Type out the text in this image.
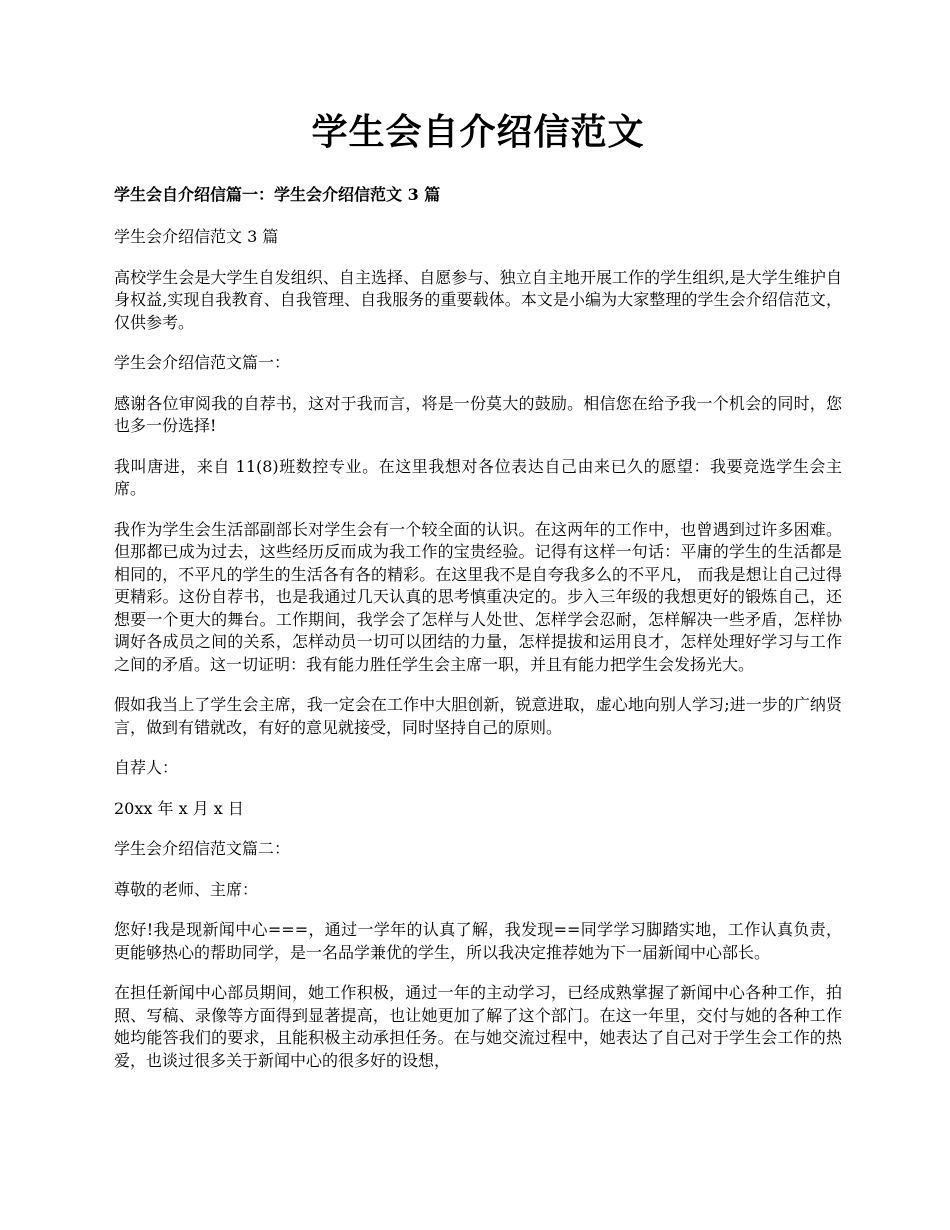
学生会自介绍信范文

学生会自介绍信篇一：学生会介绍信范文 3 篇

学生会介绍信范文 3 篇

高校学生会是大学生自发组织、自主选择、自愿参与、独立自主地开展工作的学生组织,是大学生维护自身权益,实现自我教育、自我管理、自我服务的重要载体。本文是小编为大家整理的学生会介绍信范文，仅供参考。

学生会介绍信范文篇一：

感谢各位审阅我的自荐书，这对于我而言，将是一份莫大的鼓励。相信您在给予我一个机会的同时，您也多一份选择!

我叫唐进，来自 11(8)班数控专业。在这里我想对各位表达自己由来已久的愿望：我要竞选学生会主席。

我作为学生会生活部副部长对学生会有一个较全面的认识。在这两年的工作中，也曾遇到过许多困难。但那都已成为过去，这些经历反而成为我工作的宝贵经验。记得有这样一句话：平庸的学生的生活都是相同的，不平凡的学生的生活各有各的精彩。在这里我不是自夸我多么的不平凡， 而我是想让自己过得更精彩。这份自荐书，也是我通过几天认真的思考慎重决定的。步入三年级的我想更好的锻炼自己，还想要一个更大的舞台。工作期间，我学会了怎样与人处世、怎样学会忍耐，怎样解决一些矛盾，怎样协调好各成员之间的关系，怎样动员一切可以团结的力量，怎样提拔和运用良才，怎样处理好学习与工作之间的矛盾。这一切证明：我有能力胜任学生会主席一职，并且有能力把学生会发扬光大。

假如我当上了学生会主席，我一定会在工作中大胆创新，锐意进取，虚心地向别人学习;进一步的广纳贤言，做到有错就改，有好的意见就接受，同时坚持自己的原则。

自荐人：

20xx 年 x 月 x 日

学生会介绍信范文篇二：

尊敬的老师、主席：

您好!我是现新闻中心===，通过一学年的认真了解，我发现==同学学习脚踏实地，工作认真负责，更能够热心的帮助同学，是一名品学兼优的学生，所以我决定推荐她为下一届新闻中心部长。

在担任新闻中心部员期间，她工作积极，通过一年的主动学习，已经成熟掌握了新闻中心各种工作，拍照、写稿、录像等方面得到显著提高，也让她更加了解了这个部门。在这一年里，交付与她的各种工作她均能答我们的要求，且能积极主动承担任务。在与她交流过程中，她表达了自己对于学生会工作的热爱，也谈过很多关于新闻中心的很多好的设想，
